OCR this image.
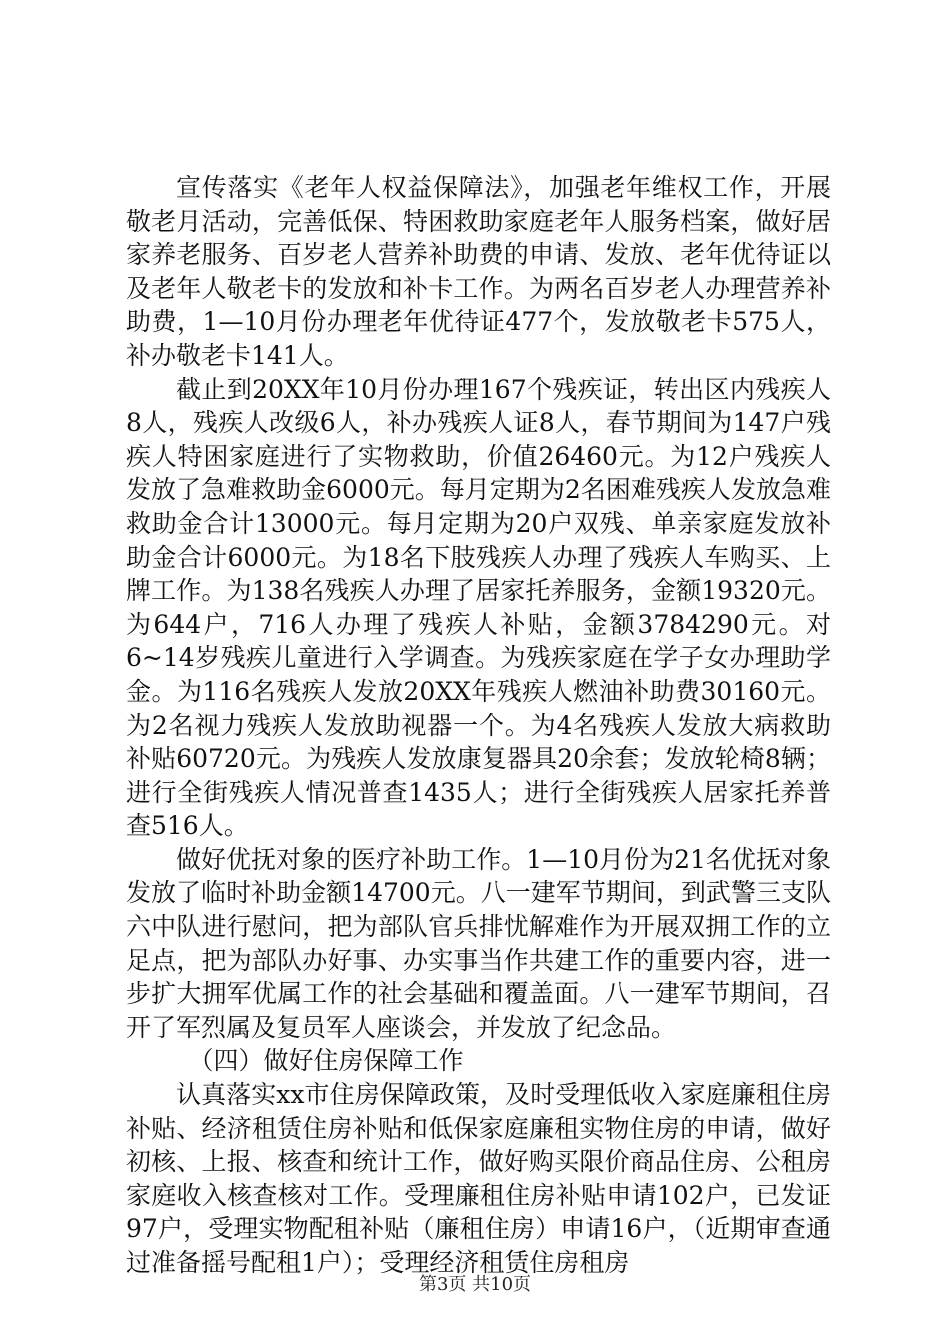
宣传落实《老年人权益保障法》，加强老年维权工作，开展敬老月活动，完善低保、特困救助家庭老年人服务档案，做好居家养老服务、百岁老人营养补助费的申请、发放、老年优待证以及老年人敬老卡的发放和补卡工作。为两名百岁老人办理营养补助费，1—10月份办理老年优待证477个，发放敬老卡575人，补办敬老卡141人。

截止到20XX年10月份办理167个残疾证，转出区内残疾人8人，残疾人改级6人，补办残疾人证8人，春节期间为147户残疾人特困家庭进行了实物救助，价值26460元。为12户残疾人发放了急难救助金6000元。每月定期为2名困难残疾人发放急难救助金合计13000元。每月定期为20户双残、单亲家庭发放补助金合计6000元。为18名下肢残疾人办理了残疾人车购买、上牌工作。为138名残疾人办理了居家托养服务，金额19320元。为644户，716人办理了残疾人补贴，金额3784290元。对6~14岁残疾儿童进行入学调查。为残疾家庭在学子女办理助学金。为116名残疾人发放20XX年残疾人燃油补助费30160元。为2名视力残疾人发放助视器一个。为4名残疾人发放大病救助补贴60720元。为残疾人发放康复器具20余套；发放轮椅8辆；进行全街残疾人情况普查1435人；进行全街残疾人居家托养普查516人。

做好优抚对象的医疗补助工作。1—10月份为21名优抚对象发放了临时补助金额14700元。八一建军节期间，到武警三支队六中队进行慰问，把为部队官兵排忧解难作为开展双拥工作的立足点，把为部队办好事、办实事当作共建工作的重要内容，进一步扩大拥军优属工作的社会基础和覆盖面。八一建军节期间，召开了军烈属及复员军人座谈会，并发放了纪念品。

（四）做好住房保障工作

认真落实xx市住房保障政策，及时受理低收入家庭廉租住房补贴、经济租赁住房补贴和低保家庭廉租实物住房的申请，做好初核、上报、核查和统计工作，做好购买限价商品住房、公租房家庭收入核查核对工作。受理廉租住房补贴申请102户，已发证97户，受理实物配租补贴（廉租住房）申请16户，（近期审查通过准备摇号配租1户）；受理经济租赁住房租房

第3页 共10页
